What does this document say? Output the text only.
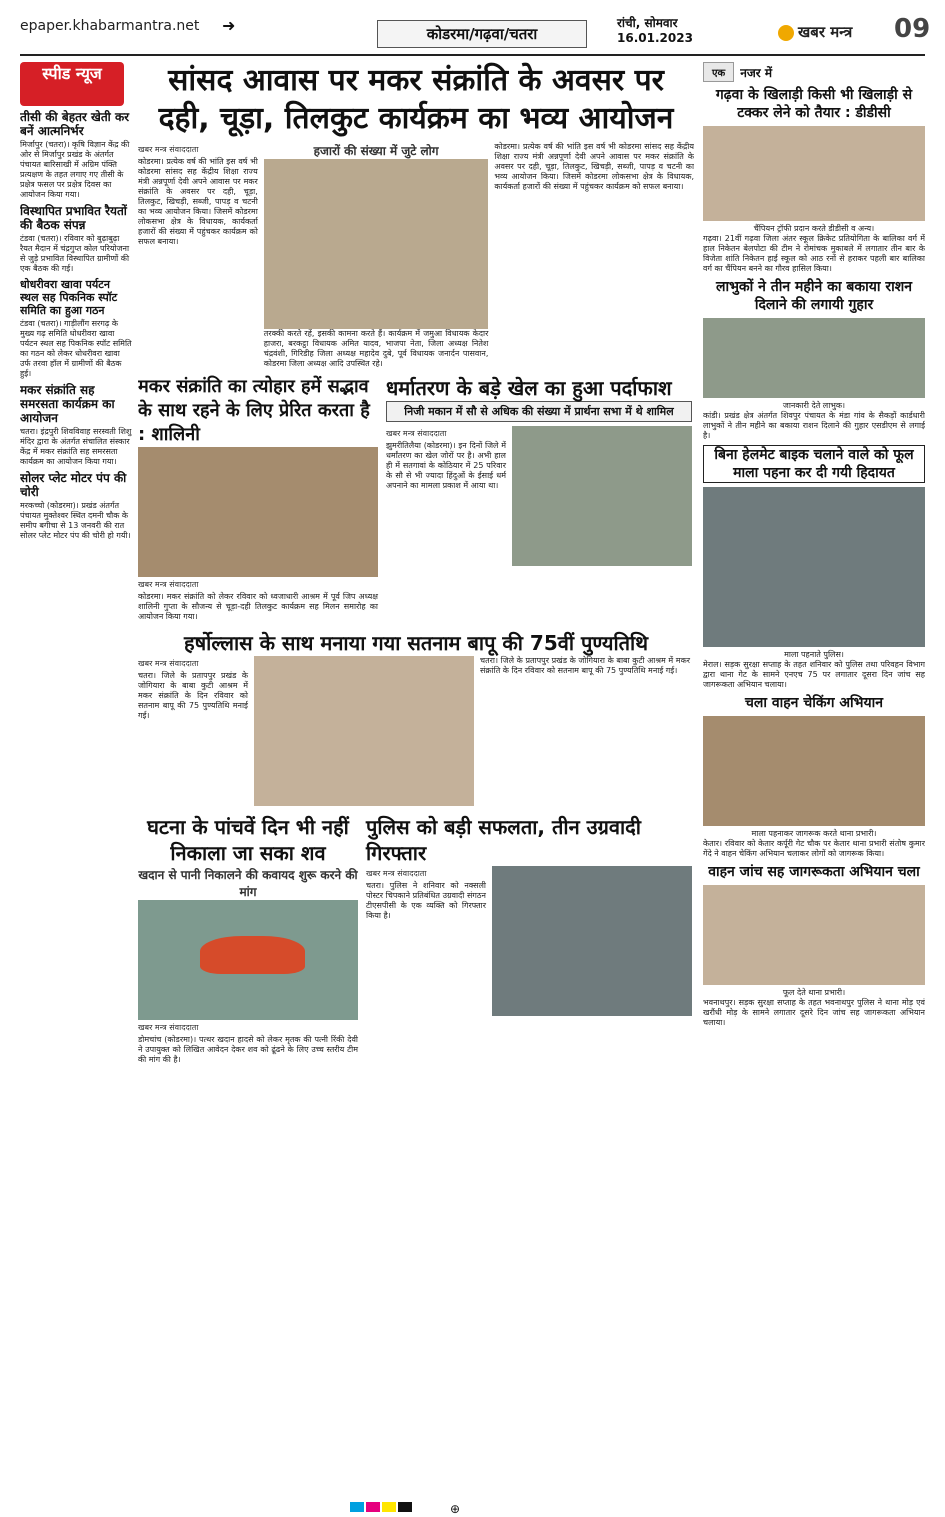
epaper.khabarmantra.net ➜	कोडरमा/गढ़वा/चतरा
रांची, सोमवार
16.01.2023	खबर मन्त्र 09
स्पीड न्यूज
तीसी की बेहतर खेती कर बनें आत्मनिर्भर
मिर्जापुर (चतरा)। कृषि विज्ञान केंद्र की ओर से मिर्जापुर प्रखंड के अंतर्गत पंचायत बारिसाखी में अग्रिम पंक्ति प्रत्यक्षण के तहत लगाए गए तीसी के प्रक्षेत्र फसल पर प्रक्षेत्र दिवस का आयोजन किया गया।
विस्थापित प्रभावित रैयतों की बैठक संपन्न
टंडवा (चतरा)। रविवार को बुढ़ाबुढ़ा रैयत मैदान में चंद्रगुप्त कोल परियोजना से जुड़े प्रभावित विस्थापित ग्रामीणों की एक बैठक की गई।
धोधरीवरा खावा पर्यटन स्थल सह पिकनिक स्पॉट समिति का हुआ गठन
टंडवा (चतरा)। गाड़ीलौंग सरगढ़ के मुख्य गढ़ समिति धोधरीवरा खावा पर्यटन स्थल सह पिकनिक स्पॉट समिति का गठन को लेकर धोधरीवरा खावा उर्फ तरवा हॉल में ग्रामीणों की बैठक हुई।
मकर संक्रांति सह समरसता कार्यक्रम का आयोजन
चतरा। इंद्रपुरी शिवविवाह सरस्वती शिशु मंदिर द्वारा के अंतर्गत संचालित संस्कार केंद्र में मकर संक्रांति सह समरसता कार्यक्रम का आयोजन किया गया।
सोलर प्लेट मोटर पंप की चोरी
मरकच्चो (कोडरमा)। प्रखंड अंतर्गत पंचायत मुक्तेश्वर स्थित दमनी चौक के समीप बगीचा से 13 जनवरी की रात सोलर प्लेट मोटर पंप की चोरी हो गयी।
सांसद आवास पर मकर संक्रांति के अवसर पर
दही, चूड़ा, तिलकुट कार्यक्रम का भव्य आयोजन
खबर मन्त्र संवाददाता
कोडरमा। प्रत्येक वर्ष की भांति इस वर्ष भी कोडरमा सांसद सह केंद्रीय शिक्षा राज्य मंत्री अन्नपूर्णा देवी अपने आवास पर मकर संक्रांति के अवसर पर दही, चूड़ा, तिलकुट, खिचड़ी, सब्जी, पापड़ व चटनी का भव्य आयोजन किया। जिसमें कोडरमा लोकसभा क्षेत्र के विधायक, कार्यकर्ता हजारों की संख्या में पहुंचकर कार्यक्रम को सफल बनाया।
हजारों की संख्या में जुटे लोग
तरक्की करते रहें, इसकी कामना करते हैं। कार्यक्रम में जमुआ विधायक केदार हाजरा, बरकट्ठा विधायक अमित यादव, भाजपा नेता, जिला अध्यक्ष नितेश चंद्रवंशी, गिरिडीह जिला अध्यक्ष महादेव दुबे, पूर्व विधायक जनार्दन पासवान, कोडरमा जिला अध्यक्ष आदि उपस्थित रहे।
कोडरमा। प्रत्येक वर्ष की भांति इस वर्ष भी कोडरमा सांसद सह केंद्रीय शिक्षा राज्य मंत्री अन्नपूर्णा देवी अपने आवास पर मकर संक्रांति के अवसर पर दही, चूड़ा, तिलकुट, खिचड़ी, सब्जी, पापड़ व चटनी का भव्य आयोजन किया। जिसमें कोडरमा लोकसभा क्षेत्र के विधायक, कार्यकर्ता हजारों की संख्या में पहुंचकर कार्यक्रम को सफल बनाया।
मकर संक्रांति का त्योहार हमें सद्भाव के साथ रहने के लिए प्रेरित करता है : शालिनी
खबर मन्त्र संवाददाता
कोडरमा। मकर संक्रांति को लेकर रविवार को ध्वजाधारी आश्रम में पूर्व जिप अध्यक्ष शालिनी गुप्ता के सौजन्य से चूड़ा-दही तिलकुट कार्यक्रम सह मिलन समारोह का आयोजन किया गया।
धर्मातरण के बड़े खेल का हुआ पर्दाफाश
निजी मकान में सौ से अधिक की संख्या में प्रार्थना सभा में थे शामिल
खबर मन्त्र संवाददाता
झुमरीतिलैया (कोडरमा)। इन दिनों जिले में धर्मांतरण का खेल जोरों पर है। अभी हाल ही में सतगावां के कोठियार में 25 परिवार के सौ से भी ज्यादा हिंदुओं के ईसाई धर्म अपनाने का मामला प्रकाश में आया था।
हर्षोल्लास के साथ मनाया गया सतनाम बापू की 75वीं पुण्यतिथि
खबर मन्त्र संवाददाता
चतरा। जिले के प्रतापपुर प्रखंड के जोगियारा के बाबा कुटी आश्रम में मकर संक्रांति के दिन रविवार को सतनाम बापू की 75 पुण्यतिथि मनाई गई।
चतरा। जिले के प्रतापपुर प्रखंड के जोगियारा के बाबा कुटी आश्रम में मकर संक्रांति के दिन रविवार को सतनाम बापू की 75 पुण्यतिथि मनाई गई।
घटना के पांचवें दिन भी नहीं निकाला जा सका शव
खदान से पानी निकालने की कवायद शुरू करने की मांग
खबर मन्त्र संवाददाता
डोमचांच (कोडरमा)। पत्थर खदान हादसे को लेकर मृतक की पत्नी रिंकी देवी ने उपायुक्त को लिखित आवेदन देकर शव को ढूंढने के लिए उच्च स्तरीय टीम की मांग की है।
पुलिस को बड़ी सफलता, तीन उग्रवादी गिरफ्तार
खबर मन्त्र संवाददाता
चतरा। पुलिस ने शनिवार को नक्सली पोस्टर चिपकाने प्रतिबंधित उग्रवादी संगठन टीएसपीसी के एक व्यक्ति को गिरफ्तार किया है।
एक	नजर में
गढ़वा के खिलाड़ी किसी भी खिलाड़ी से टक्कर लेने को तैयार : डीडीसी
चैंपियन ट्रॉफी प्रदान करते डीडीसी व अन्य।
गढ़वा। 21वीं गढ़वा जिला अंतर स्कूल क्रिकेट प्रतियोगिता के बालिका वर्ग में हाल निकेतन बेलपोटा की टीम ने रोमांचक मुकाबले में लगातार तीन बार के विजेता शांति निकेतन हाई स्कूल को आठ रनों से हराकर पहली बार बालिका वर्ग का चैंपियन बनने का गौरव हासिल किया।
लाभुकों ने तीन महीने का बकाया राशन दिलाने की लगायी गुहार
जानकारी देते लाभुक।
कांडी। प्रखंड क्षेत्र अंतर्गत शिवपुर पंचायत के मंडा गांव के सैकड़ों कार्डधारी लाभुकों ने तीन महीने का बकाया राशन दिलाने की गुहार एसडीएम से लगाई है।
बिना हेलमेट बाइक चलाने वाले को फूल माला पहना कर दी गयी हिदायत
माला पहनाते पुलिस।
मेराल। सड़क सुरक्षा सप्ताह के तहत शनिवार को पुलिस तथा परिवहन विभाग द्वारा थाना गेट के सामने एनएच 75 पर लगातार दूसरा दिन जांच सह जागरूकता अभियान चलाया।
चला वाहन चेकिंग अभियान
माला पहनाकर जागरूक करते थाना प्रभारी।
केतार। रविवार को केतार कर्पूरी गेट चौक पर केतार थाना प्रभारी संतोष कुमार गेंदे ने वाहन चेकिंग अभियान चलाकर लोगों को जागरूक किया।
वाहन जांच सह जागरूकता अभियान चला
फूल देते थाना प्रभारी।
भवनाथपुर। सड़क सुरक्षा सप्ताह के तहत भवनाथपुर पुलिस ने थाना मोड़ एवं खरौंधी मोड़ के सामने लगातार दूसरे दिन जांच सह जागरूकता अभियान चलाया।
⊕
